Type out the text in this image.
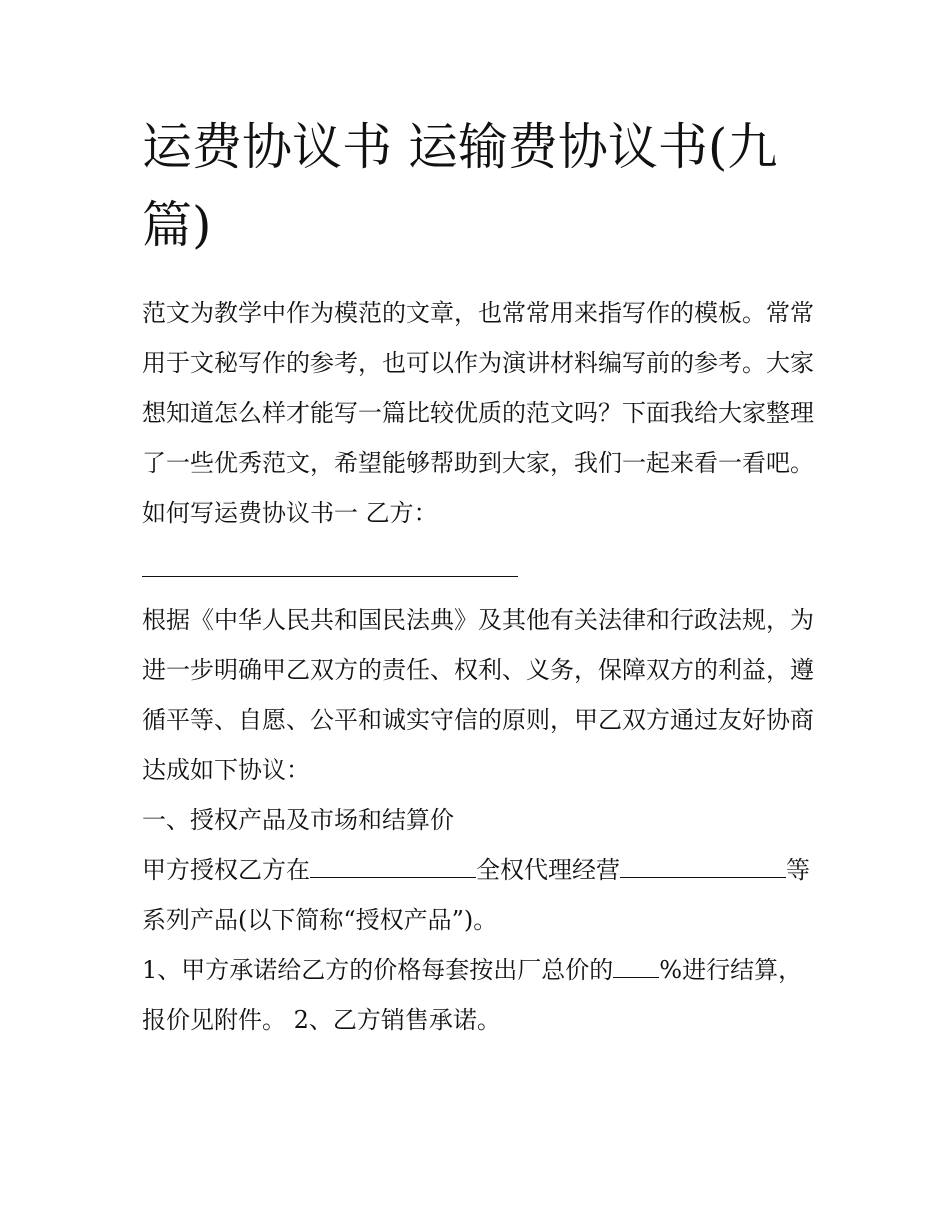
运费协议书 运输费协议书(九篇)

范文为教学中作为模范的文章，也常常用来指写作的模板。常常用于文秘写作的参考，也可以作为演讲材料编写前的参考。大家想知道怎么样才能写一篇比较优质的范文吗？下面我给大家整理了一些优秀范文，希望能够帮助到大家，我们一起来看一看吧。

如何写运费协议书一 乙方：

根据《中华人民共和国民法典》及其他有关法律和行政法规，为进一步明确甲乙双方的责任、权利、义务，保障双方的利益，遵循平等、自愿、公平和诚实守信的原则，甲乙双方通过友好协商达成如下协议：

一、授权产品及市场和结算价

甲方授权乙方在	全权代理经营	等系列产品(以下简称“授权产品”)。

1、甲方承诺给乙方的价格每套按出厂总价的 %进行结算，报价见附件。 2、乙方销售承诺。
